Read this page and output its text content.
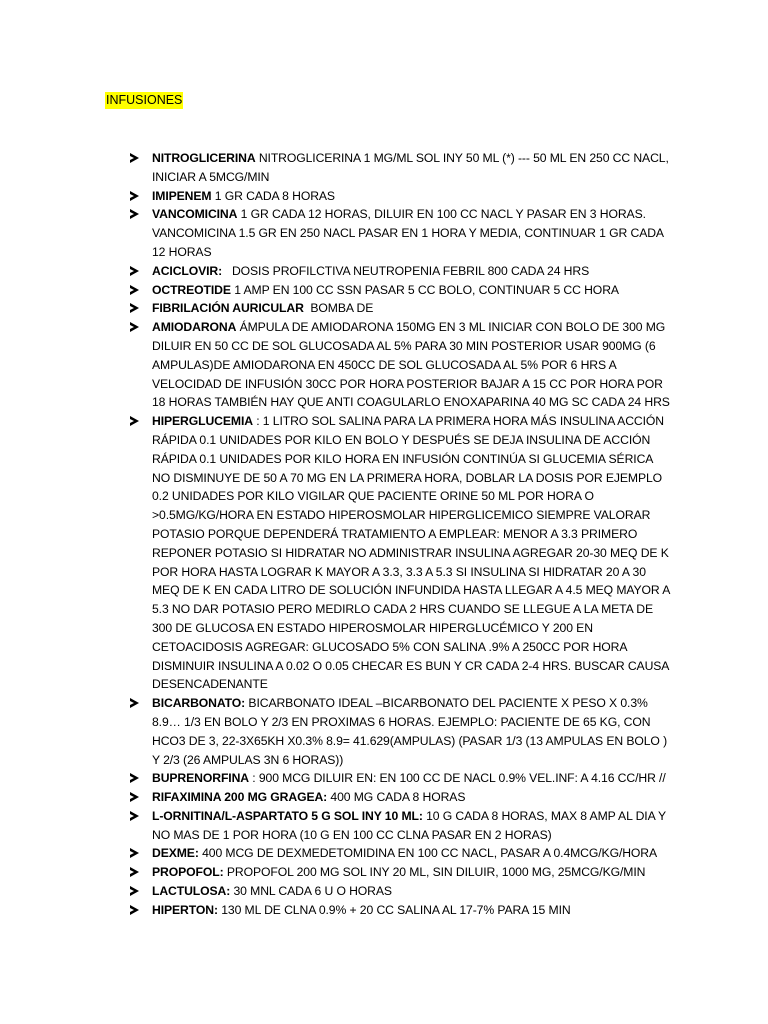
INFUSIONES
NITROGLICERINA NITROGLICERINA 1 MG/ML SOL INY 50 ML (*) --- 50 ML EN 250 CC NACL, INICIAR A 5MCG/MIN
IMIPENEM 1 GR CADA 8 HORAS
VANCOMICINA 1 GR CADA 12 HORAS, DILUIR EN 100 CC NACL Y PASAR EN 3 HORAS. VANCOMICINA 1.5 GR EN 250 NACL PASAR EN 1 HORA Y MEDIA, CONTINUAR 1 GR CADA 12 HORAS
ACICLOVIR:   DOSIS PROFILCTIVA NEUTROPENIA FEBRIL 800 CADA 24 HRS
OCTREOTIDE 1 AMP EN 100 CC SSN PASAR 5 CC BOLO, CONTINUAR 5 CC HORA
FIBRILACIÓN AURICULAR  BOMBA DE
AMIODARONA ÁMPULA DE AMIODARONA 150MG EN 3 ML INICIAR CON BOLO DE 300 MG DILUIR EN 50 CC DE SOL GLUCOSADA AL 5% PARA 30 MIN POSTERIOR USAR 900MG (6 AMPULAS)DE AMIODARONA EN 450CC DE SOL GLUCOSADA AL 5% POR 6 HRS A VELOCIDAD DE INFUSIÓN 30CC POR HORA POSTERIOR BAJAR A 15 CC POR HORA POR 18 HORAS TAMBIÉN HAY QUE ANTI COAGULARLO ENOXAPARINA 40 MG SC CADA 24 HRS
HIPERGLUCEMIA : 1 LITRO SOL SALINA PARA LA PRIMERA HORA MÁS INSULINA ACCIÓN RÁPIDA 0.1 UNIDADES POR KILO EN BOLO Y DESPUÉS SE DEJA INSULINA DE ACCIÓN RÁPIDA 0.1 UNIDADES POR KILO HORA EN INFUSIÓN CONTINÚA SI GLUCEMIA SÉRICA NO DISMINUYE DE 50 A 70 MG EN LA PRIMERA HORA, DOBLAR LA DOSIS POR EJEMPLO 0.2 UNIDADES POR KILO VIGILAR QUE PACIENTE ORINE 50 ML POR HORA O >0.5MG/KG/HORA EN ESTADO HIPEROSMOLAR HIPERGLICEMICO SIEMPRE VALORAR POTASIO PORQUE DEPENDERÁ TRATAMIENTO A EMPLEAR: MENOR A 3.3 PRIMERO REPONER POTASIO SI HIDRATAR NO ADMINISTRAR INSULINA AGREGAR 20-30 MEQ DE K POR HORA HASTA LOGRAR K MAYOR A 3.3, 3.3 A 5.3 SI INSULINA SI HIDRATAR 20 A 30 MEQ DE K EN CADA LITRO DE SOLUCIÓN INFUNDIDA HASTA LLEGAR A 4.5 MEQ MAYOR A 5.3 NO DAR POTASIO PERO MEDIRLO CADA 2 HRS CUANDO SE LLEGUE A LA META DE 300 DE GLUCOSA EN ESTADO HIPEROSMOLAR HIPERGLUCÉMICO Y 200 EN CETOACIDOSIS AGREGAR: GLUCOSADO 5% CON SALINA .9% A 250CC POR HORA DISMINUIR INSULINA A 0.02 O 0.05 CHECAR ES BUN Y CR CADA 2-4 HRS. BUSCAR CAUSA DESENCADENANTE
BICARBONATO: BICARBONATO IDEAL –BICARBONATO DEL PACIENTE X PESO X 0.3% 8.9… 1/3 EN BOLO Y 2/3 EN PROXIMAS 6 HORAS. EJEMPLO: PACIENTE DE 65 KG, CON HCO3 DE 3, 22-3X65KH X0.3% 8.9= 41.629(AMPULAS) (PASAR 1/3 (13 AMPULAS EN BOLO ) Y 2/3 (26 AMPULAS 3N 6 HORAS))
BUPRENORFINA : 900 MCG DILUIR EN: EN 100 CC DE NACL 0.9% VEL.INF: A 4.16 CC/HR //
RIFAXIMINA 200 MG GRAGEA: 400 MG CADA 8 HORAS
L-ORNITINA/L-ASPARTATO 5 G SOL INY 10 ML: 10 G CADA 8 HORAS, MAX 8 AMP AL DIA Y NO MAS DE 1 POR HORA (10 G EN 100 CC CLNA PASAR EN 2 HORAS)
DEXME: 400 MCG DE DEXMEDETOMIDINA EN 100 CC NACL, PASAR A 0.4MCG/KG/HORA
PROPOFOL: PROPOFOL 200 MG SOL INY 20 ML, SIN DILUIR, 1000 MG, 25MCG/KG/MIN
LACTULOSA: 30 MNL CADA 6 U O HORAS
HIPERTON: 130 ML DE CLNA 0.9% + 20 CC SALINA AL 17-7% PARA 15 MIN
